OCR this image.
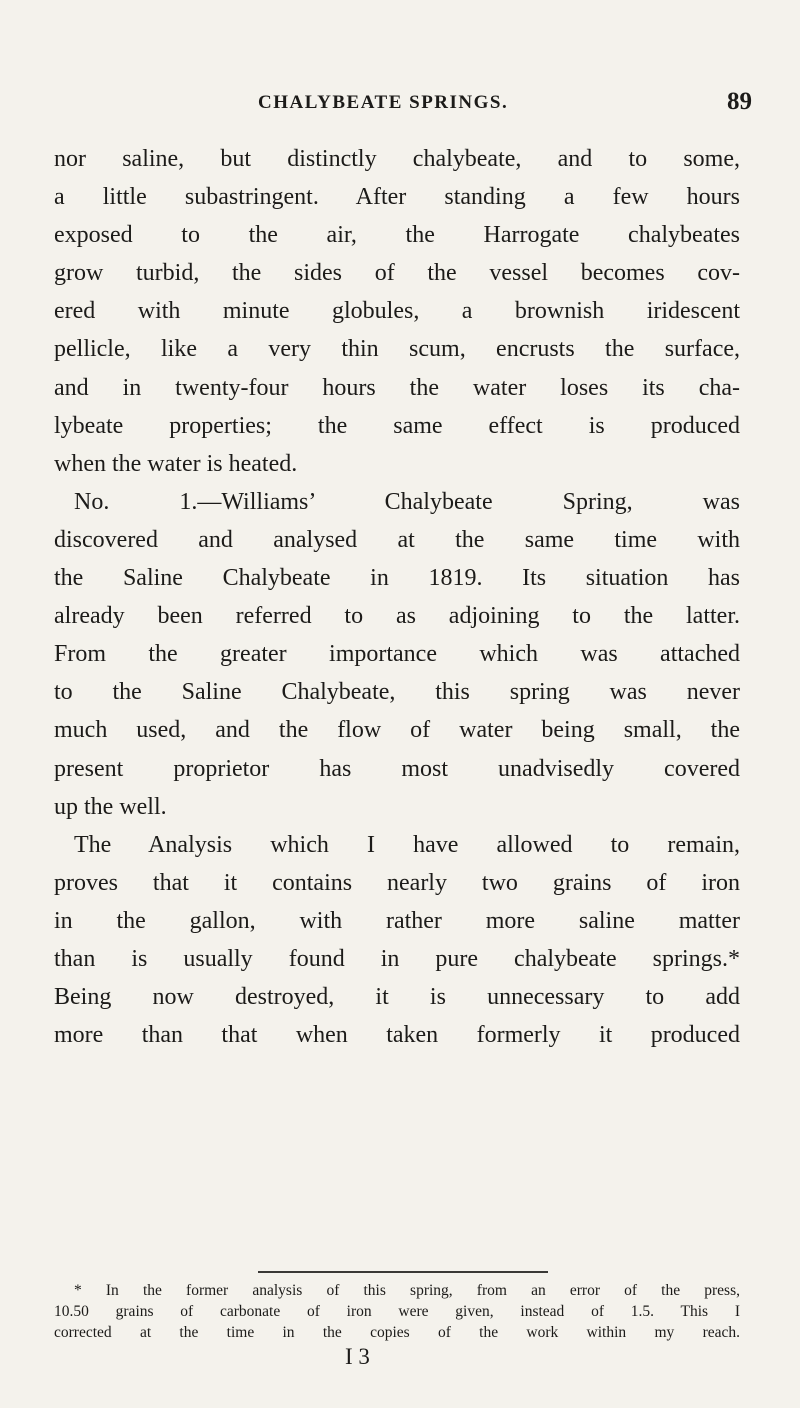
CHALYBEATE SPRINGS.	89
nor saline, but distinctly chalybeate, and to some,
a little subastringent. After standing a few hours
exposed to the air, the Harrogate chalybeates
grow turbid, the sides of the vessel becomes cov-
ered with minute globules, a brownish iridescent
pellicle, like a very thin scum, encrusts the surface,
and in twenty-four hours the water loses its cha-
lybeate properties; the same effect is produced
when the water is heated.
No. 1.—Williams’ Chalybeate Spring, was
discovered and analysed at the same time with
the Saline Chalybeate in 1819. Its situation has
already been referred to as adjoining to the latter.
From the greater importance which was attached
to the Saline Chalybeate, this spring was never
much used, and the flow of water being small, the
present proprietor has most unadvisedly covered
up the well.
The Analysis which I have allowed to remain,
proves that it contains nearly two grains of iron
in the gallon, with rather more saline matter
than is usually found in pure chalybeate springs.*
Being now destroyed, it is unnecessary to add
more than that when taken formerly it produced
* In the former analysis of this spring, from an error of the press,
10.50 grains of carbonate of iron were given, instead of 1.5. This I
corrected at the time in the copies of the work within my reach.
I 3
